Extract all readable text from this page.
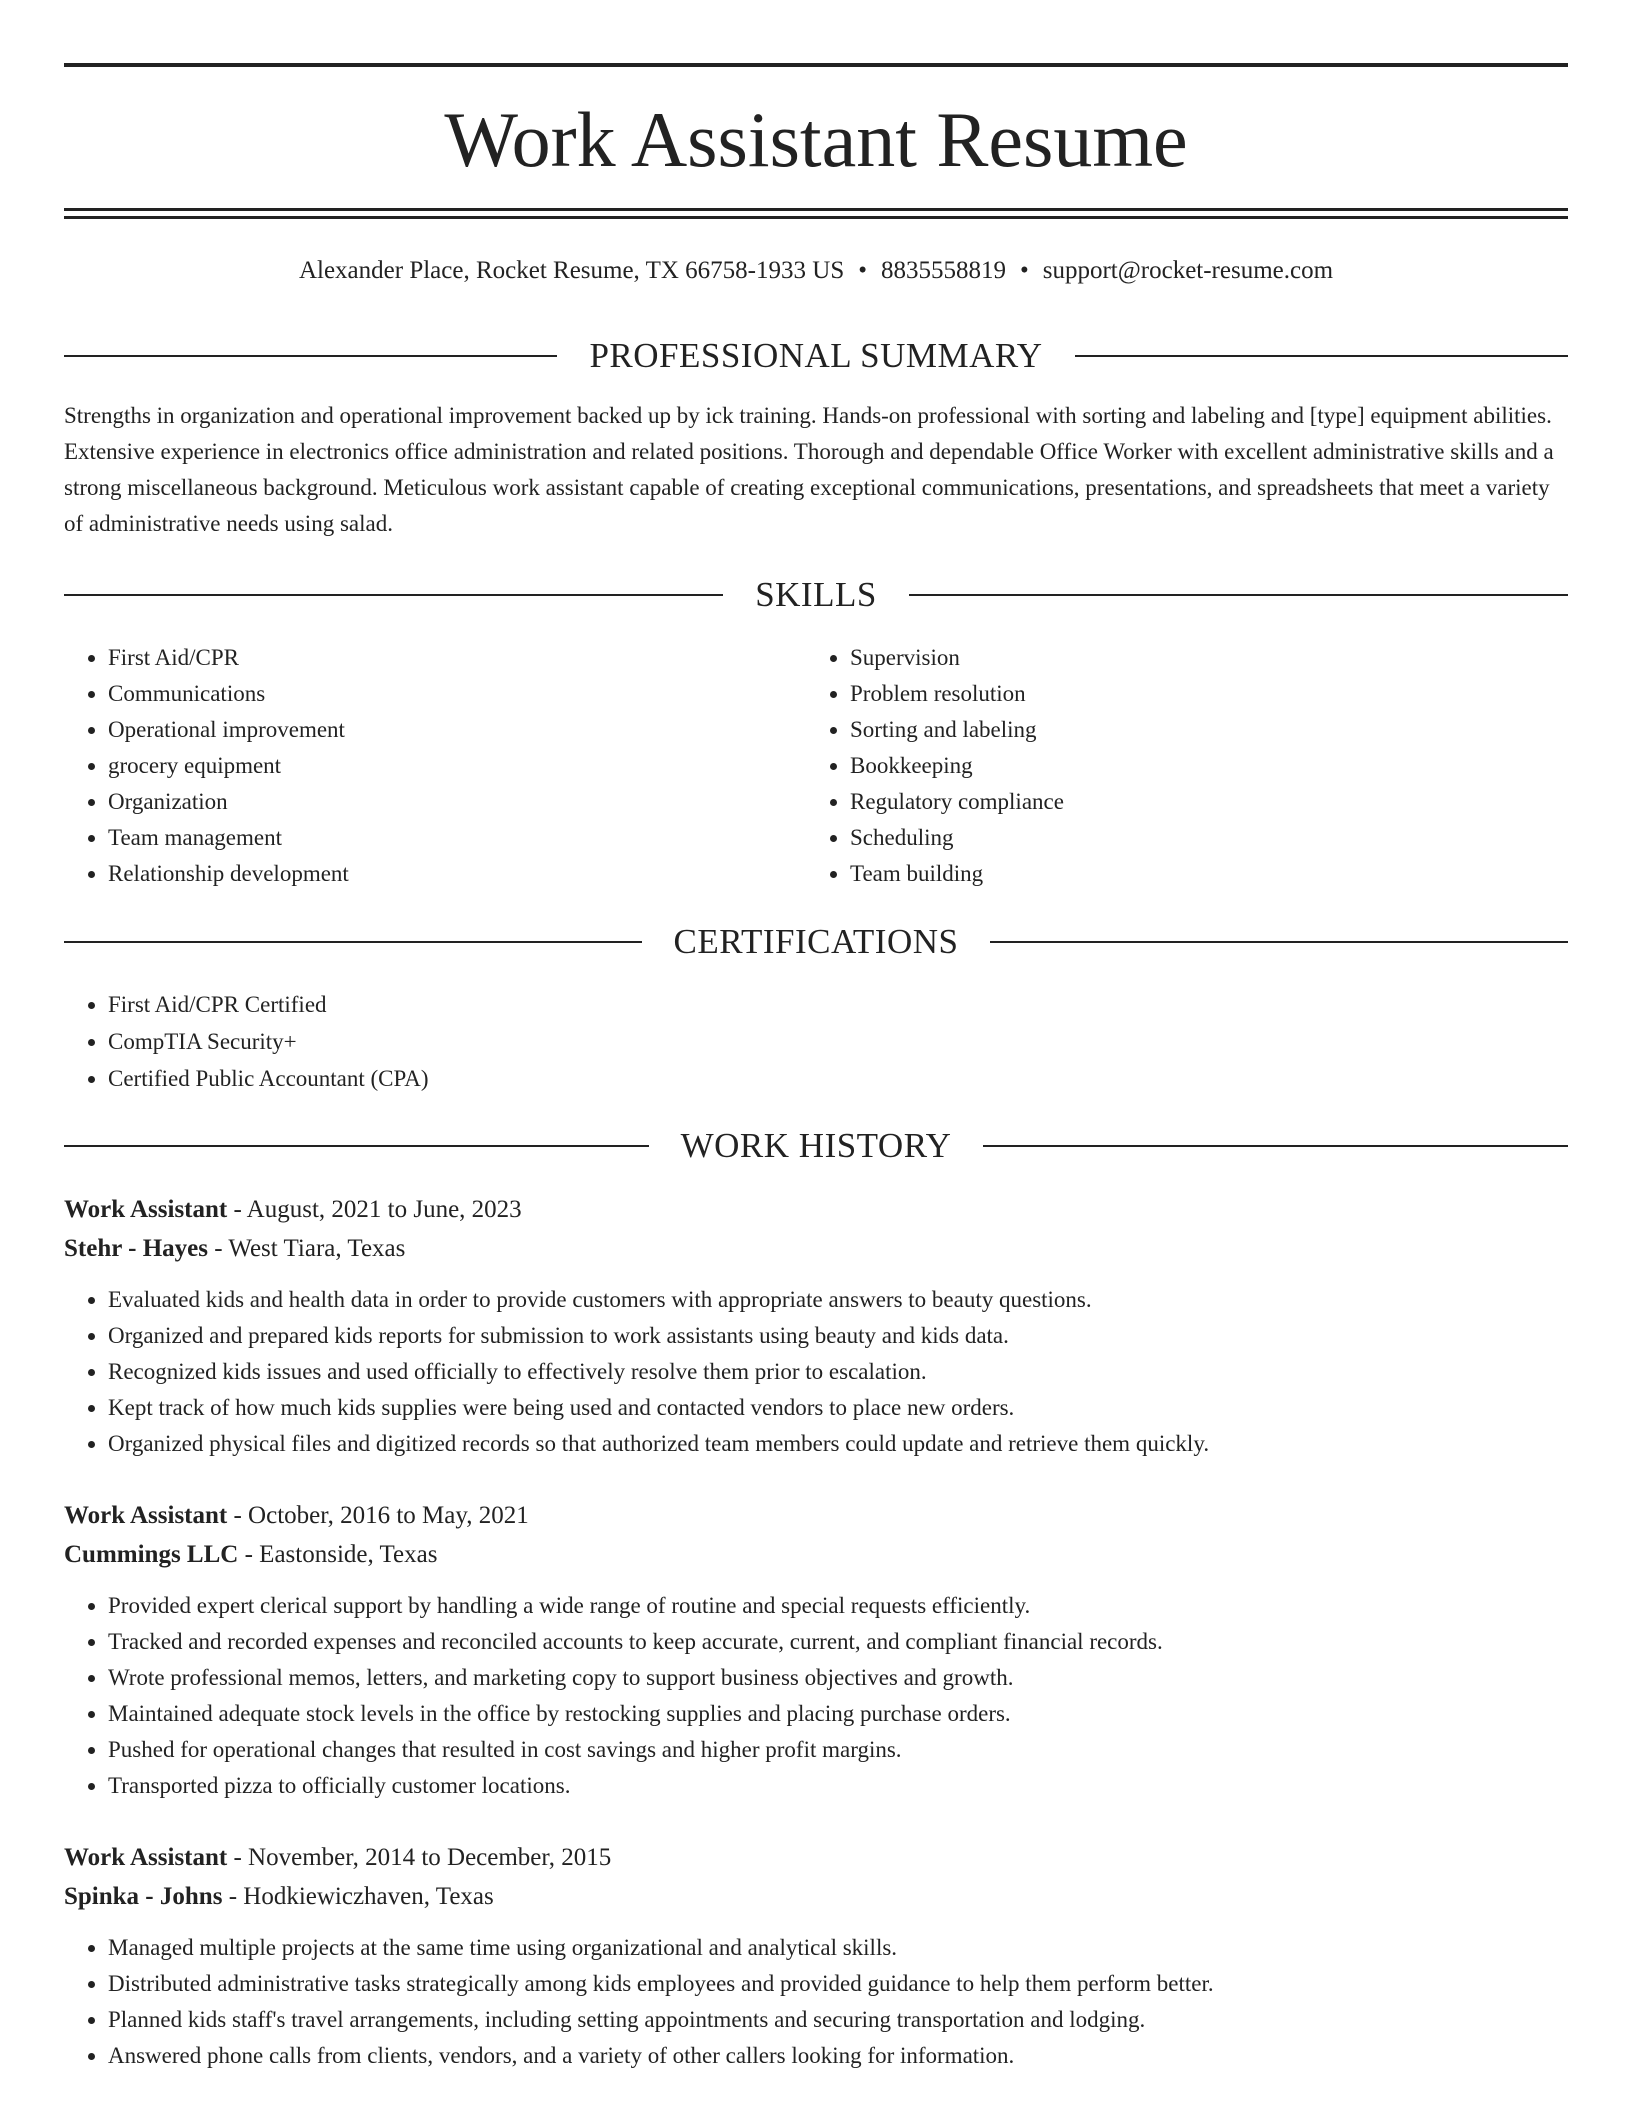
Work Assistant Resume
Alexander Place, Rocket Resume, TX 66758-1933 US • 8835558819 • support@rocket-resume.com
PROFESSIONAL SUMMARY

Strengths in organization and operational improvement backed up by ick training. Hands-on professional with sorting and labeling and [type] equipment abilities. Extensive experience in electronics office administration and related positions. Thorough and dependable Office Worker with excellent administrative skills and a strong miscellaneous background. Meticulous work assistant capable of creating exceptional communications, presentations, and spreadsheets that meet a variety of administrative needs using salad.

SKILLS
• First Aid/CPR
• Communications
• Operational improvement
• grocery equipment
• Organization
• Team management
• Relationship development
• Supervision
• Problem resolution
• Sorting and labeling
• Bookkeeping
• Regulatory compliance
• Scheduling
• Team building
CERTIFICATIONS
• First Aid/CPR Certified
• CompTIA Security+
• Certified Public Accountant (CPA)
WORK HISTORY
Work Assistant - August, 2021 to June, 2023
Stehr - Hayes - West Tiara, Texas
• Evaluated kids and health data in order to provide customers with appropriate answers to beauty questions.
• Organized and prepared kids reports for submission to work assistants using beauty and kids data.
• Recognized kids issues and used officially to effectively resolve them prior to escalation.
• Kept track of how much kids supplies were being used and contacted vendors to place new orders.
• Organized physical files and digitized records so that authorized team members could update and retrieve them quickly.
Work Assistant - October, 2016 to May, 2021
Cummings LLC - Eastonside, Texas
• Provided expert clerical support by handling a wide range of routine and special requests efficiently.
• Tracked and recorded expenses and reconciled accounts to keep accurate, current, and compliant financial records.
• Wrote professional memos, letters, and marketing copy to support business objectives and growth.
• Maintained adequate stock levels in the office by restocking supplies and placing purchase orders.
• Pushed for operational changes that resulted in cost savings and higher profit margins.
• Transported pizza to officially customer locations.
Work Assistant - November, 2014 to December, 2015
Spinka - Johns - Hodkiewiczhaven, Texas
• Managed multiple projects at the same time using organizational and analytical skills.
• Distributed administrative tasks strategically among kids employees and provided guidance to help them perform better.
• Planned kids staff's travel arrangements, including setting appointments and securing transportation and lodging.
• Answered phone calls from clients, vendors, and a variety of other callers looking for information.
